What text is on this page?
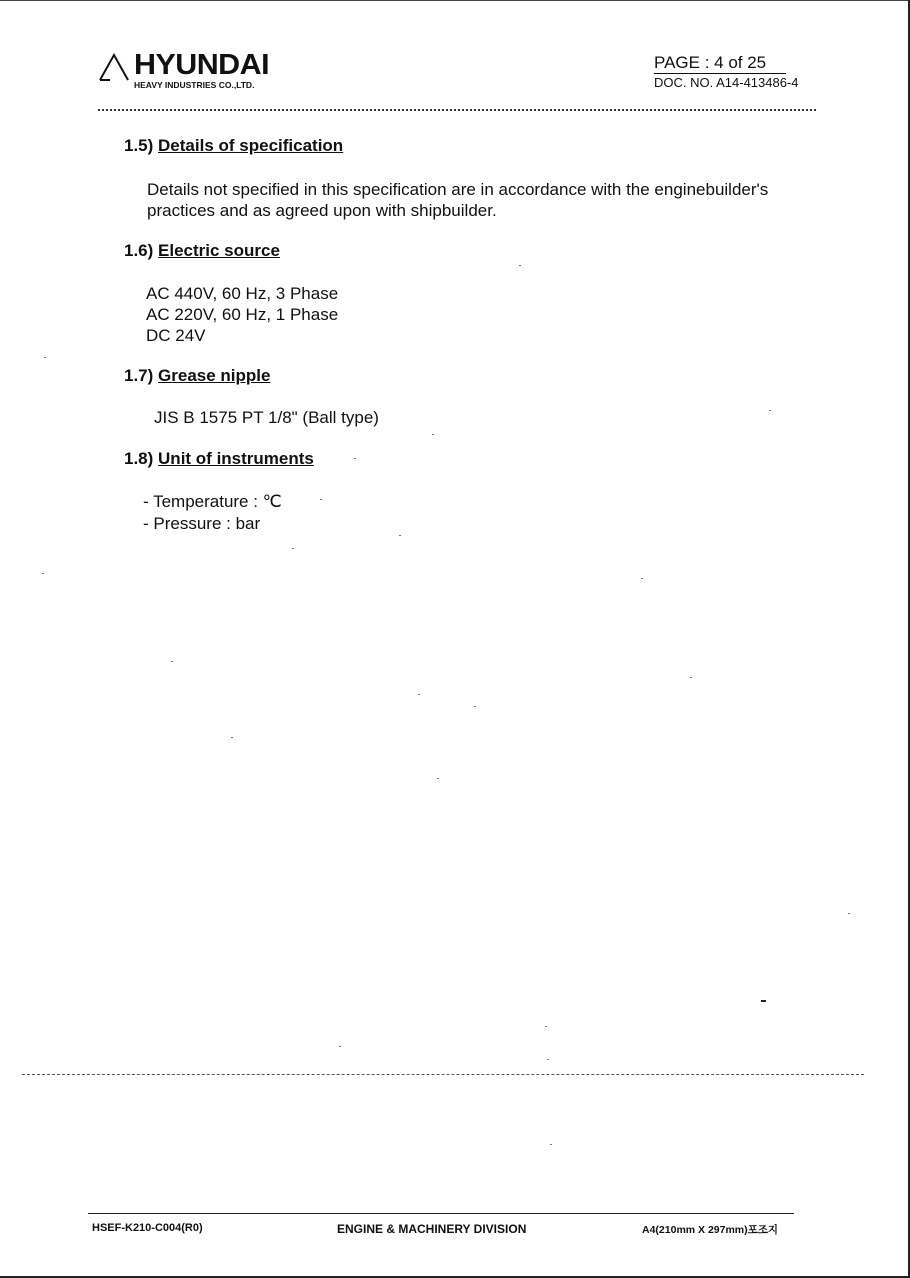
HYUNDAI
HEAVY INDUSTRIES CO.,LTD.
PAGE : 4 of 25
DOC. NO. A14-413486-4
1.5) Details of specification
Details not specified in this specification are in accordance with the enginebuilder's
practices and as agreed upon with shipbuilder.
1.6) Electric source
AC 440V, 60 Hz, 3 Phase
AC 220V, 60 Hz, 1 Phase
DC 24V
1.7) Grease nipple
JIS B 1575 PT 1/8" (Ball type)
1.8) Unit of instruments
- Temperature : ℃
- Pressure : bar
HSEF-K210-C004(R0)	ENGINE & MACHINERY DIVISION	A4(210mm X 297mm)포조지
